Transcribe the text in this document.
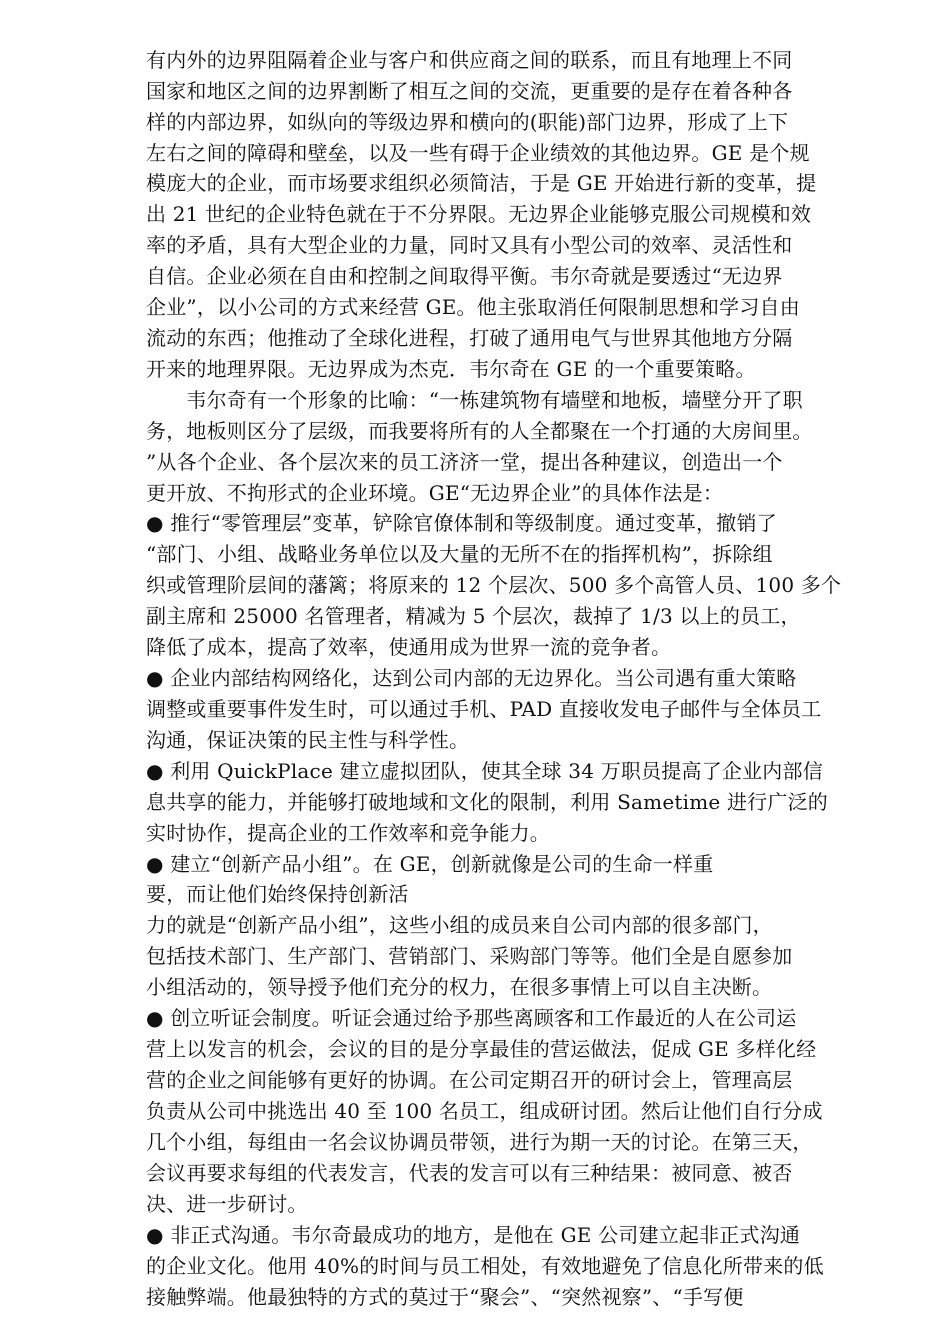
有内外的边界阻隔着企业与客户和供应商之间的联系，而且有地理上不同
国家和地区之间的边界割断了相互之间的交流，更重要的是存在着各种各
样的内部边界，如纵向的等级边界和横向的(职能)部门边界，形成了上下
左右之间的障碍和壁垒，以及一些有碍于企业绩效的其他边界。GE 是个规
模庞大的企业，而市场要求组织必须简洁，于是 GE 开始进行新的变革，提
出 21 世纪的企业特色就在于不分界限。无边界企业能够克服公司规模和效
率的矛盾，具有大型企业的力量，同时又具有小型公司的效率、灵活性和
自信。企业必须在自由和控制之间取得平衡。韦尔奇就是要透过“无边界
企业”，以小公司的方式来经营 GE。他主张取消任何限制思想和学习自由
流动的东西；他推动了全球化进程，打破了通用电气与世界其他地方分隔
开来的地理界限。无边界成为杰克．韦尔奇在 GE 的一个重要策略。
　　韦尔奇有一个形象的比喻：“一栋建筑物有墙壁和地板，墙壁分开了职
务，地板则区分了层级，而我要将所有的人全都聚在一个打通的大房间里。
”从各个企业、各个层次来的员工济济一堂，提出各种建议，创造出一个
更开放、不拘形式的企业环境。GE“无边界企业”的具体作法是：
● 推行“零管理层”变革，铲除官僚体制和等级制度。通过变革，撤销了
“部门、小组、战略业务单位以及大量的无所不在的指挥机构”，拆除组
织或管理阶层间的藩篱；将原来的 12 个层次、500 多个高管人员、100 多个
副主席和 25000 名管理者，精减为 5 个层次，裁掉了 1/3 以上的员工，
降低了成本，提高了效率，使通用成为世界一流的竞争者。
● 企业内部结构网络化，达到公司内部的无边界化。当公司遇有重大策略
调整或重要事件发生时，可以通过手机、PAD 直接收发电子邮件与全体员工
沟通，保证决策的民主性与科学性。
● 利用 QuickPlace 建立虚拟团队，使其全球 34 万职员提高了企业内部信
息共享的能力，并能够打破地域和文化的限制，利用 Sametime 进行广泛的
实时协作，提高企业的工作效率和竞争能力。
● 建立“创新产品小组”。在 GE，创新就像是公司的生命一样重
要，而让他们始终保持创新活
力的就是“创新产品小组”，这些小组的成员来自公司内部的很多部门，
包括技术部门、生产部门、营销部门、采购部门等等。他们全是自愿参加
小组活动的，领导授予他们充分的权力，在很多事情上可以自主决断。
● 创立听证会制度。听证会通过给予那些离顾客和工作最近的人在公司运
营上以发言的机会，会议的目的是分享最佳的营运做法，促成 GE 多样化经
营的企业之间能够有更好的协调。在公司定期召开的研讨会上，管理高层
负责从公司中挑选出 40 至 100 名员工，组成研讨团。然后让他们自行分成
几个小组，每组由一名会议协调员带领，进行为期一天的讨论。在第三天，
会议再要求每组的代表发言，代表的发言可以有三种结果：被同意、被否
决、进一步研讨。
● 非正式沟通。韦尔奇最成功的地方，是他在 GE 公司建立起非正式沟通
的企业文化。他用 40%的时间与员工相处，有效地避免了信息化所带来的低
接触弊端。他最独特的方式的莫过于“聚会”、“突然视察”、“手写便
